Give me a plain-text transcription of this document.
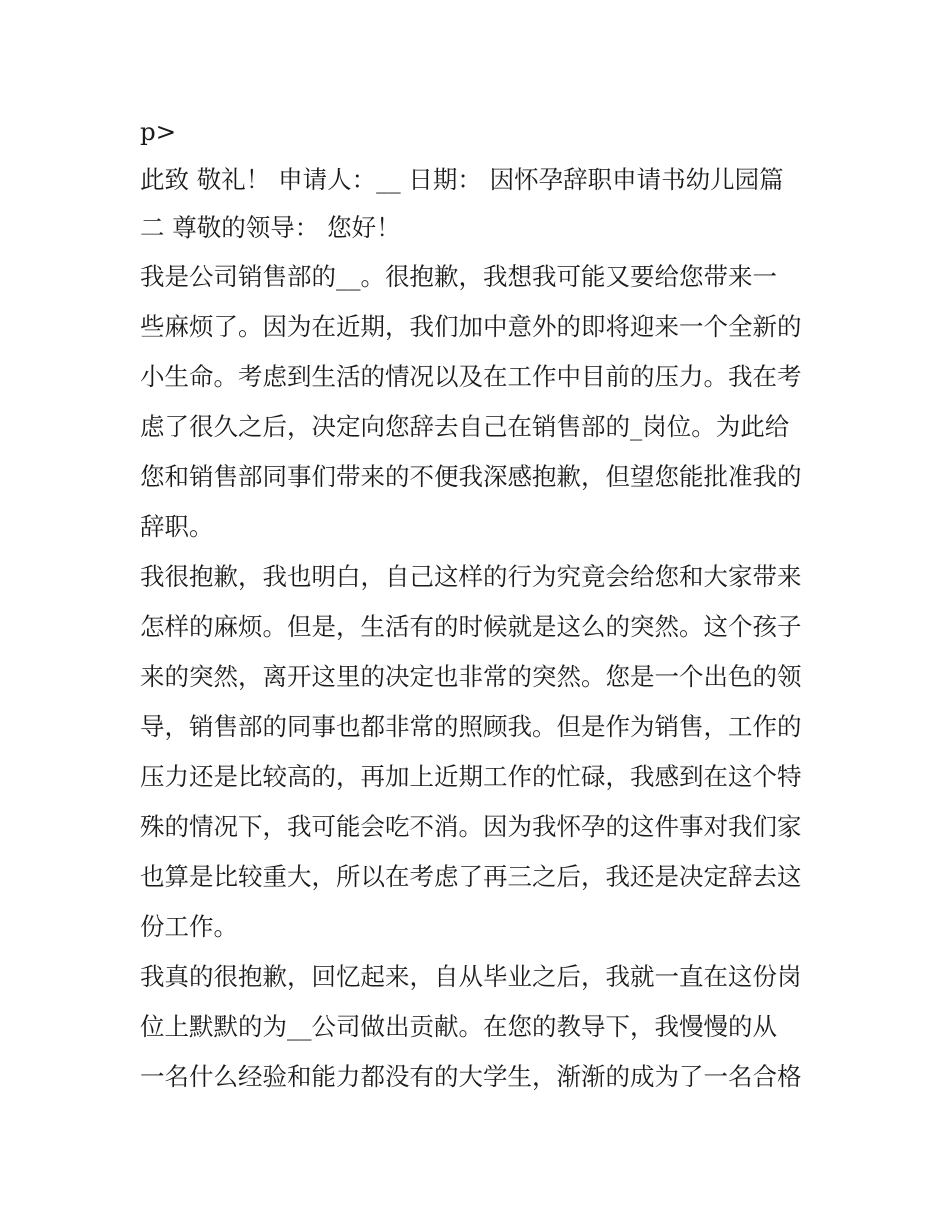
p>
此致 敬礼！ 申请人：__ 日期： 因怀孕辞职申请书幼儿园篇
二 尊敬的领导： 您好！
我是公司销售部的__。很抱歉，我想我可能又要给您带来一
些麻烦了。因为在近期，我们加中意外的即将迎来一个全新的
小生命。考虑到生活的情况以及在工作中目前的压力。我在考
虑了很久之后，决定向您辞去自己在销售部的_岗位。为此给
您和销售部同事们带来的不便我深感抱歉，但望您能批准我的
辞职。
我很抱歉，我也明白，自己这样的行为究竟会给您和大家带来
怎样的麻烦。但是，生活有的时候就是这么的突然。这个孩子
来的突然，离开这里的决定也非常的突然。您是一个出色的领
导，销售部的同事也都非常的照顾我。但是作为销售，工作的
压力还是比较高的，再加上近期工作的忙碌，我感到在这个特
殊的情况下，我可能会吃不消。因为我怀孕的这件事对我们家
也算是比较重大，所以在考虑了再三之后，我还是决定辞去这
份工作。
我真的很抱歉，回忆起来，自从毕业之后，我就一直在这份岗
位上默默的为__公司做出贡献。在您的教导下，我慢慢的从
一名什么经验和能力都没有的大学生，渐渐的成为了一名合格
